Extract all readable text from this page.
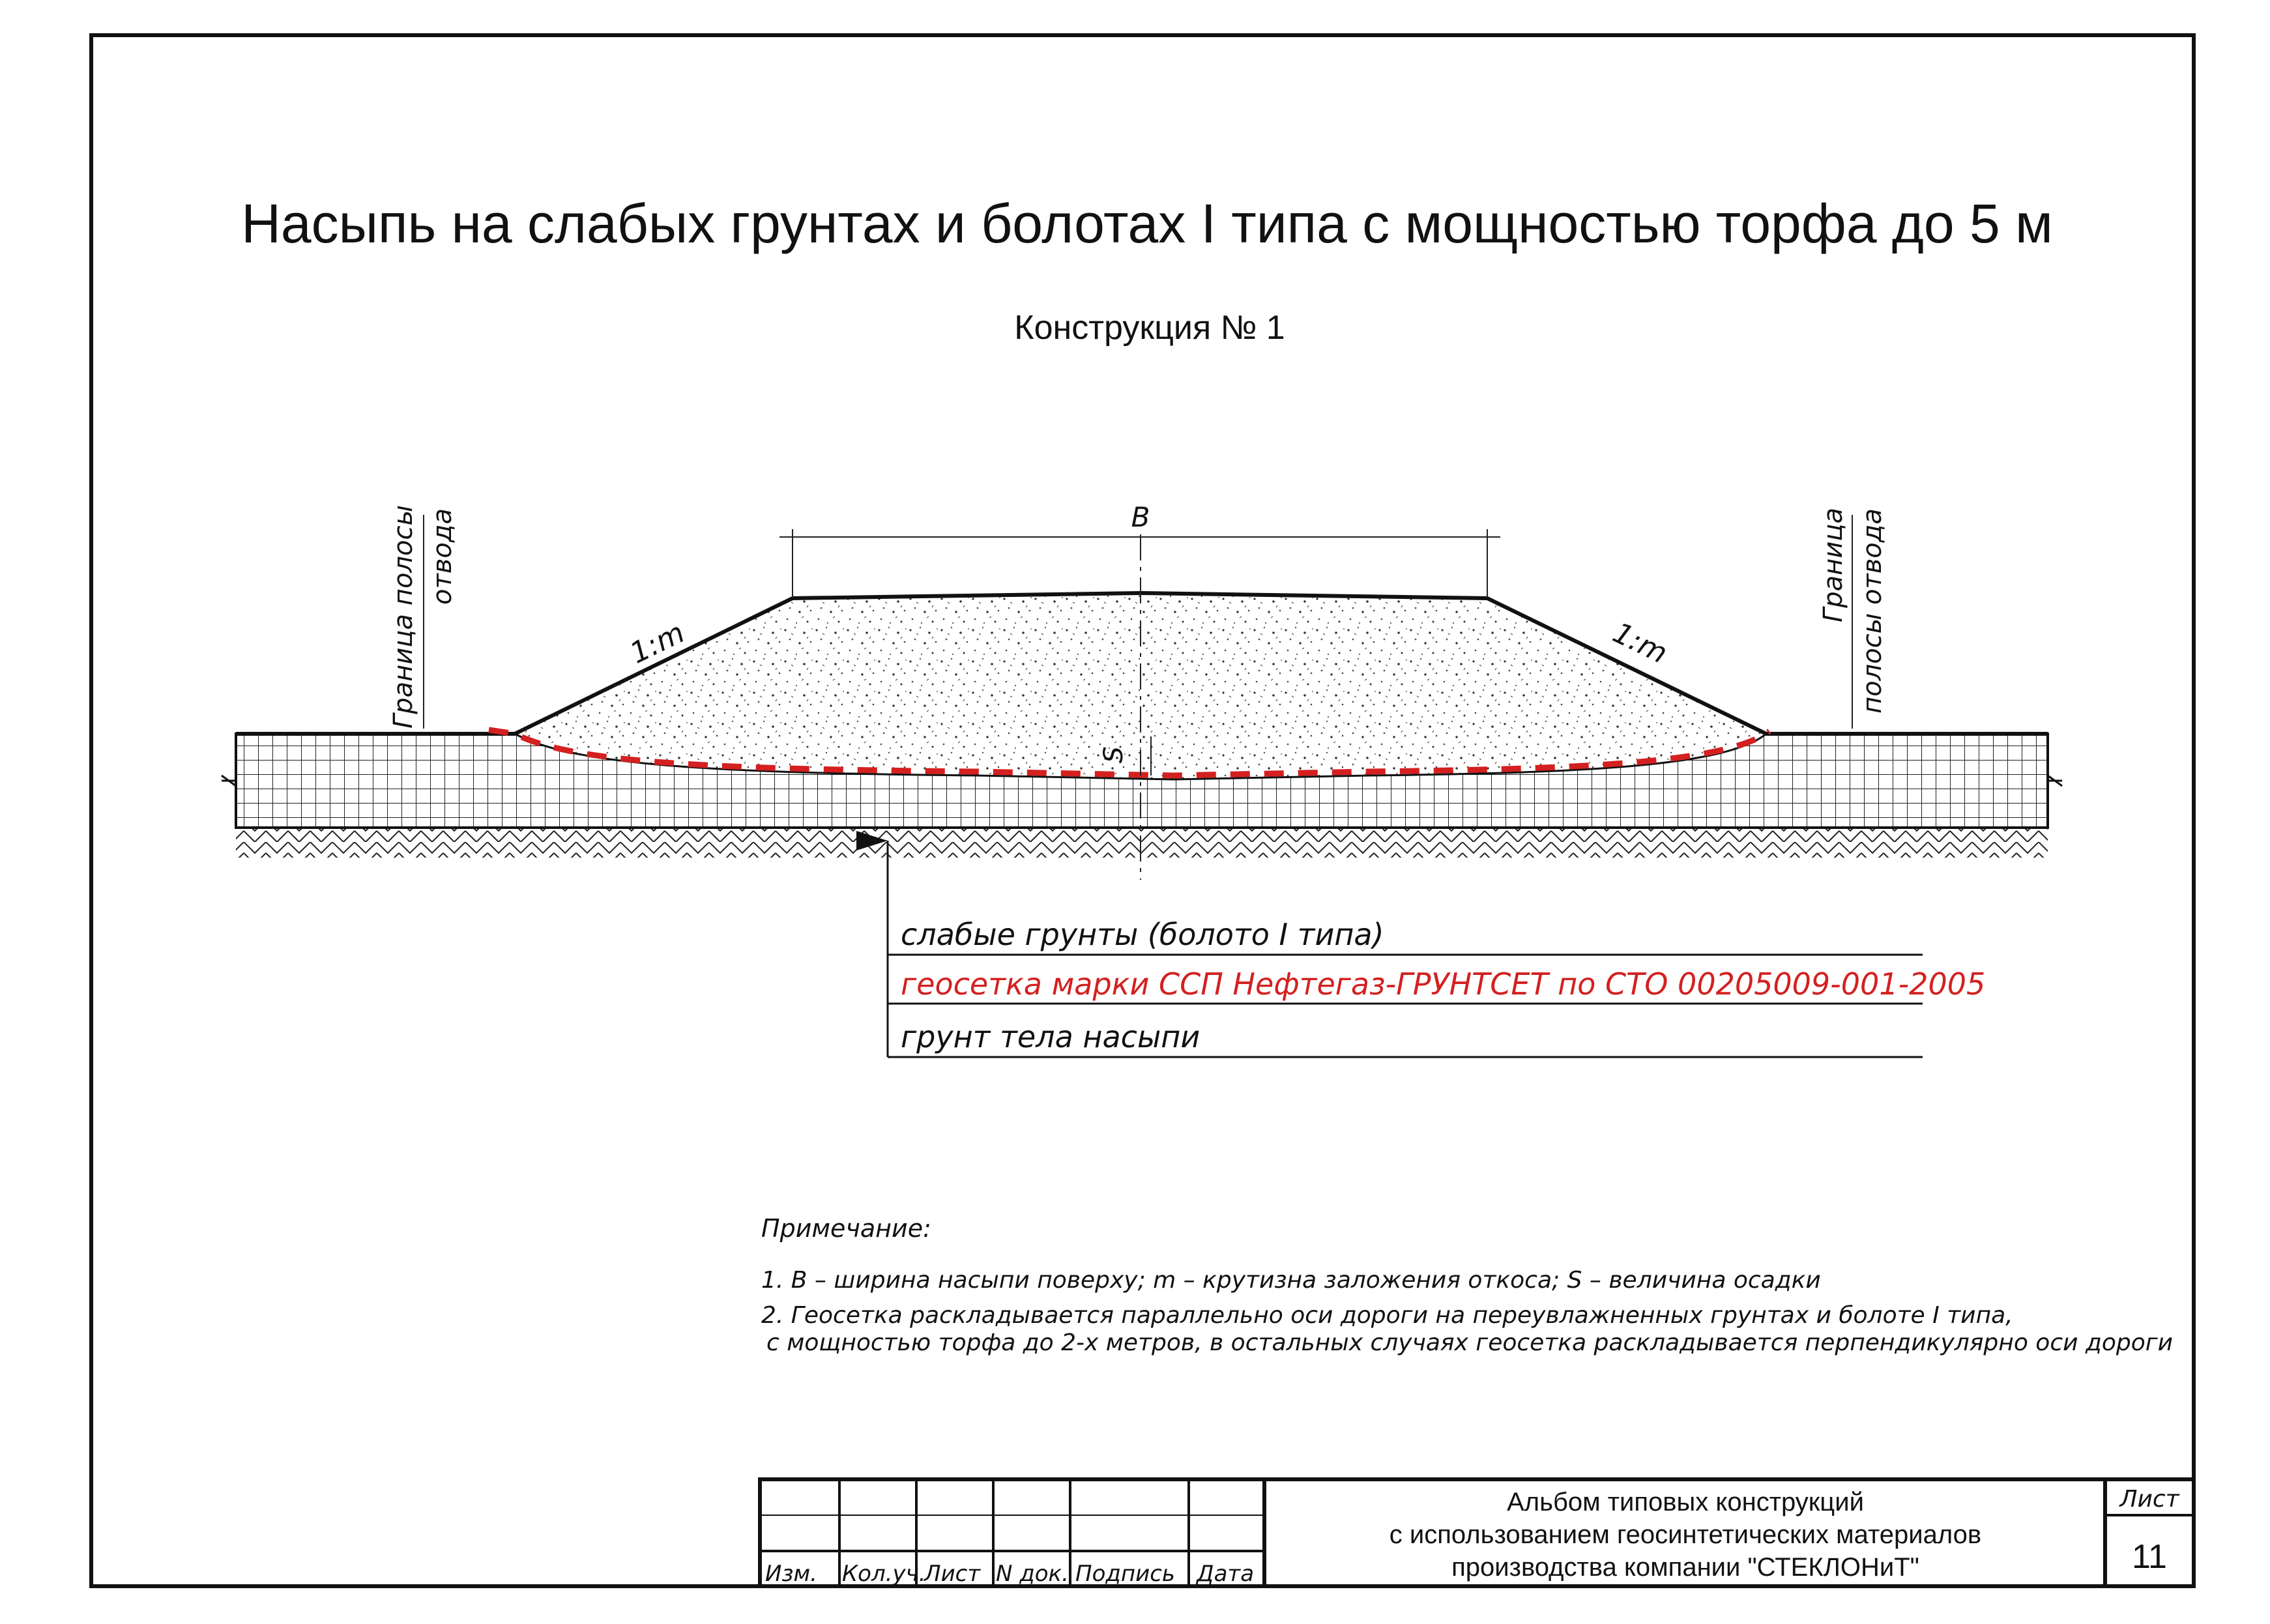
Насыпь на слабых грунтах и болотах I типа с мощностью торфа до 5 м
Конструкция № 1
S
B
1:m	1:m
Граница полосы отвода	Граница полосы отвода
слабые грунты (болото I типа)
геосетка марки ССП Нефтегаз-ГРУНТСЕТ по СТО 00205009-001-2005
грунт тела насыпи
Примечание:
1. B – ширина насыпи поверху; m – крутизна заложения откоса; S – величина осадки
2. Геосетка раскладывается параллельно оси дороги на переувлажненных грунтах и болоте I типа,
с мощностью торфа до 2-х метров, в остальных случаях геосетка раскладывается перпендикулярно оси дороги
Изм. Кол.уч.
Лист N док. Подпись Дата
Альбом типовых конструкций
с использованием геосинтетических материалов
производства компании "СТЕКЛОНиТ"
Лист
11
